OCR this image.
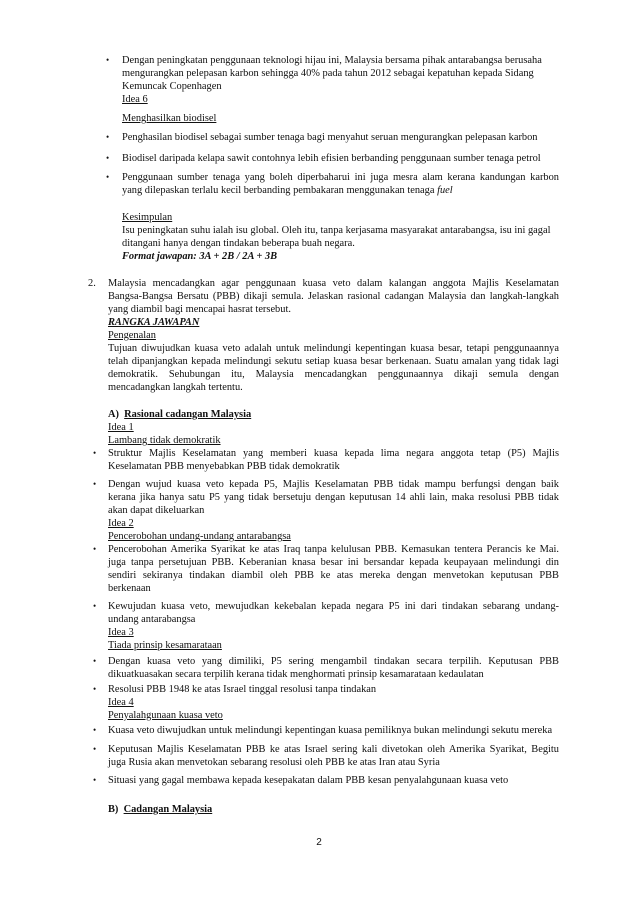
• Dengan peningkatan penggunaan teknologi hijau ini, Malaysia bersama pihak antarabangsa berusaha
mengurangkan pelepasan karbon sehingga 40% pada tahun 2012 sebagai kepatuhan kepada Sidang
Kemuncak Copenhagen
Idea 6
Menghasilkan biodisel
• Penghasilan biodisel sebagai sumber tenaga bagi menyahut seruan mengurangkan pelepasan karbon
• Biodisel daripada kelapa sawit contohnya lebih efisien berbanding penggunaan sumber tenaga petrol
• Penggunaan sumber tenaga yang boleh diperbaharui ini juga mesra alam kerana kandungan karbon
yang dilepaskan terlalu kecil berbanding pembakaran menggunakan tenaga fuel
Kesimpulan
Isu peningkatan suhu ialah isu global. Oleh itu, tanpa kerjasama masyarakat antarabangsa, isu ini gagal
ditangani hanya dengan tindakan beberapa buah negara.
Format jawapan: 3A + 2B / 2A + 3B
2. Malaysia mencadangkan agar penggunaan kuasa veto dalam kalangan anggota Majlis Keselamatan
Bangsa-Bangsa Bersatu (PBB) dikaji semula. Jelaskan rasional cadangan Malaysia dan langkah-langkah
yang diambil bagi mencapai hasrat tersebut.
RANGKA JAWAPAN
Pengenalan
Tujuan diwujudkan kuasa veto adalah untuk melindungi kepentingan kuasa besar, tetapi penggunaannya
telah dipanjangkan kepada melindungi sekutu setiap kuasa besar berkenaan. Suatu amalan yang tidak lagi
demokratik. Sehubungan itu, Malaysia mencadangkan penggunaannya dikaji semula dengan
mencadangkan langkah tertentu.
A) Rasional cadangan Malaysia
Idea 1
Lambang tidak demokratik
• Struktur Majlis Keselamatan yang memberi kuasa kepada lima negara anggota tetap (P5) Majlis
Keselamatan PBB menyebabkan PBB tidak demokratik
• Dengan wujud kuasa veto kepada P5, Majlis Keselamatan PBB tidak mampu berfungsi dengan baik
kerana jika hanya satu P5 yang tidak bersetuju dengan keputusan 14 ahli lain, maka resolusi PBB tidak
akan dapat dikeluarkan
Idea 2
Pencerobohan undang-undang antarabangsa
• Pencerobohan Amerika Syarikat ke atas Iraq tanpa kelulusan PBB. Kemasukan tentera Perancis ke Mai.
juga tanpa persetujuan PBB. Keberanian knasa besar ini bersandar kepada keupayaan melindungi din
sendiri sekiranya tindakan diambil oleh PBB ke atas mereka dengan menvetokan keputusan PBB
berkenaan
• Kewujudan kuasa veto, mewujudkan kekebalan kepada negara P5 ini dari tindakan sebarang undang-
undang antarabangsa
Idea 3
Tiada prinsip kesamarataan
• Dengan kuasa veto yang dimiliki, P5 sering mengambil tindakan secara terpilih. Keputusan PBB
dikuatkuasakan secara terpilih kerana tidak menghormati prinsip kesamarataan kedaulatan
• Resolusi PBB 1948 ke atas Israel tinggal resolusi tanpa tindakan
Idea 4
Penyalahgunaan kuasa veto
• Kuasa veto diwujudkan untuk melindungi kepentingan kuasa pemiliknya bukan melindungi sekutu mereka
• Keputusan Majlis Keselamatan PBB ke atas Israel sering kali divetokan oleh Amerika Syarikat, Begitu
juga Rusia akan menvetokan sebarang resolusi oleh PBB ke atas Iran atau Syria
• Situasi yang gagal membawa kepada kesepakatan dalam PBB kesan penyalahgunaan kuasa veto
B) Cadangan Malaysia
2
